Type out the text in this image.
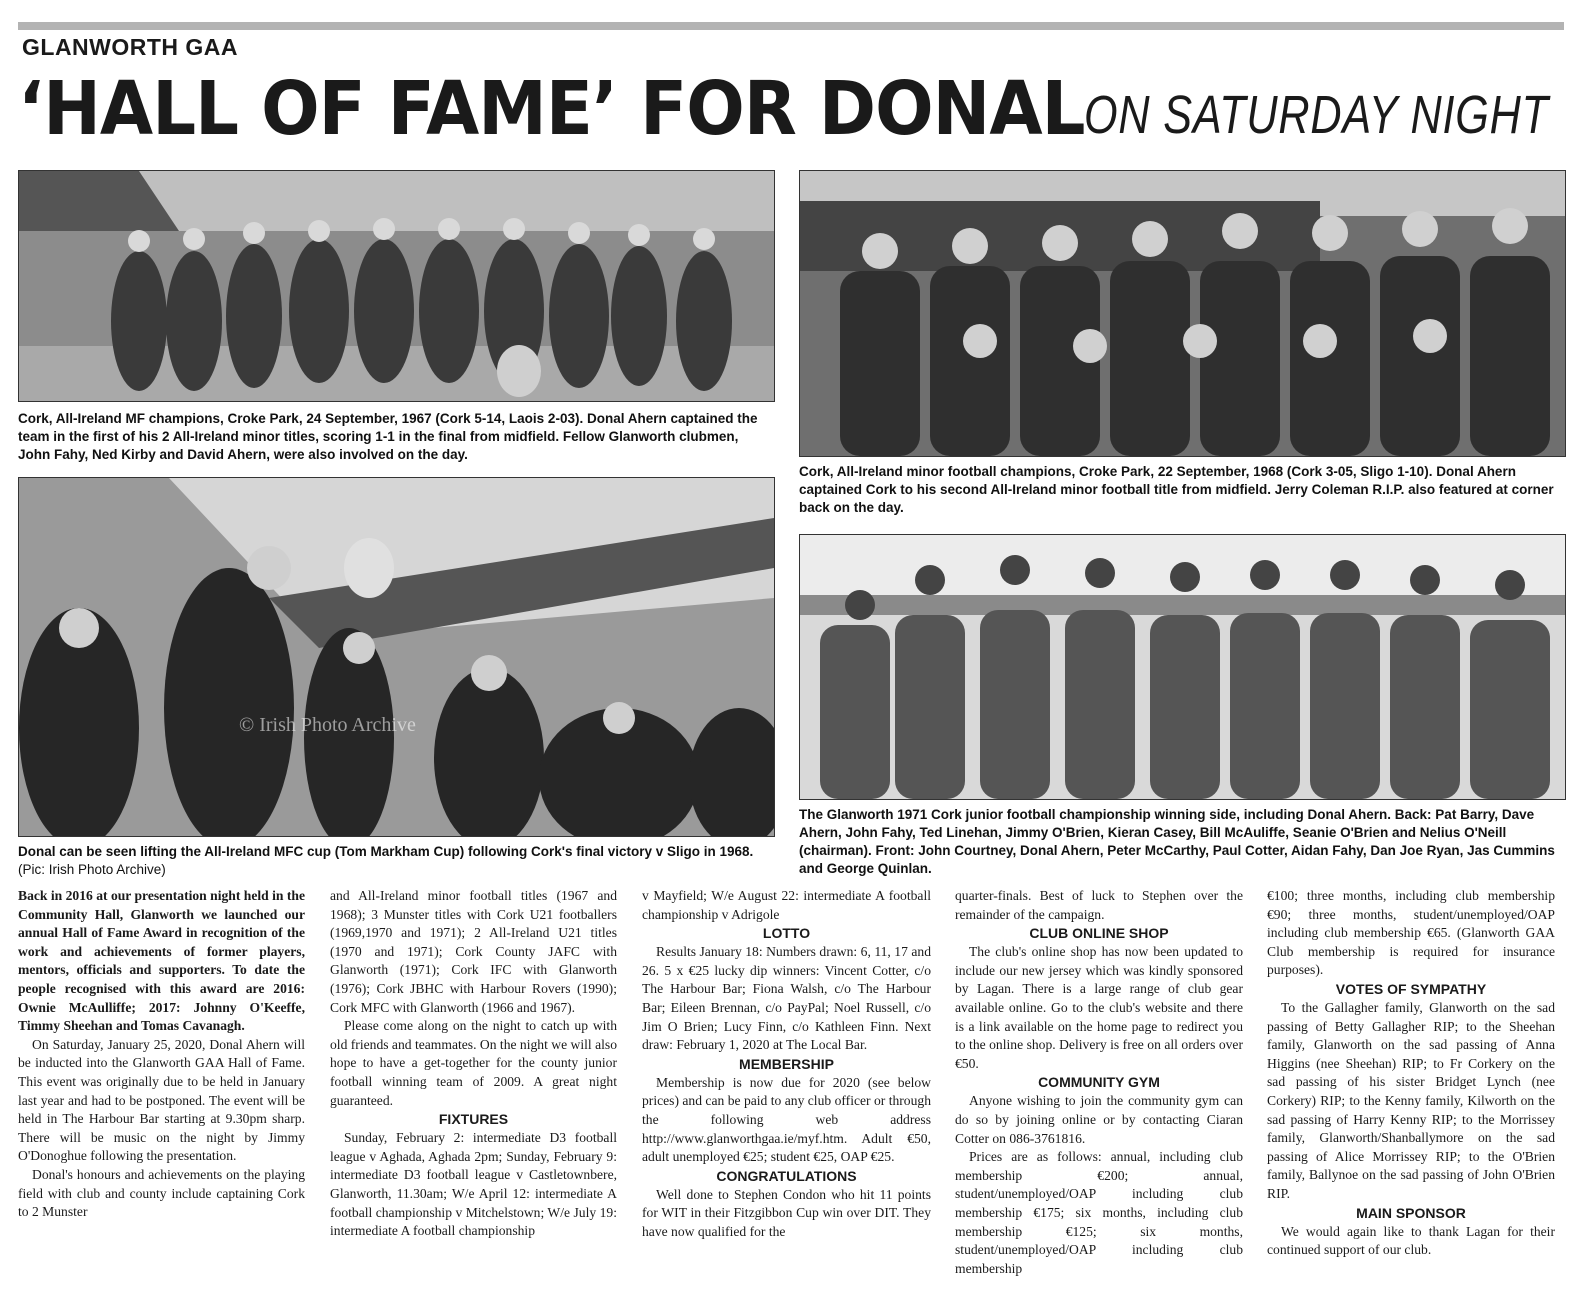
GLANWORTH GAA
‘HALL OF FAME’ FOR DONAL ON SATURDAY NIGHT
Cork, All-Ireland MF champions, Croke Park, 24 September, 1967 (Cork 5-14, Laois 2-03). Donal Ahern captained the team in the first of his 2 All-Ireland minor titles, scoring 1-1 in the final from midfield. Fellow Glanworth clubmen, John Fahy, Ned Kirby and David Ahern, were also involved on the day.
Cork, All-Ireland minor football champions, Croke Park, 22 September, 1968 (Cork 3-05, Sligo 1-10). Donal Ahern captained Cork to his second All-Ireland minor football title from midfield. Jerry Coleman R.I.P. also featured at corner back on the day.
© Irish Photo Archive
Donal can be seen lifting the All-Ireland MFC cup (Tom Markham Cup) following Cork's final victory v Sligo in 1968. (Pic: Irish Photo Archive)
The Glanworth 1971 Cork junior football championship winning side, including Donal Ahern. Back: Pat Barry, Dave Ahern, John Fahy, Ted Linehan, Jimmy O'Brien, Kieran Casey, Bill McAuliffe, Seanie O'Brien and Nelius O'Neill (chairman). Front: John Courtney, Donal Ahern, Peter McCarthy, Paul Cotter, Aidan Fahy, Dan Joe Ryan, Jas Cummins and George Quinlan.

Back in 2016 at our presentation night held in the Community Hall, Glanworth we launched our annual Hall of Fame Award in recognition of the work and achievements of former players, mentors, officials and supporters. To date the people recognised with this award are 2016: Ownie McAulliffe; 2017: Johnny O'Keeffe, Timmy Sheehan and Tomas Cavanagh.

On Saturday, January 25, 2020, Donal Ahern will be inducted into the Glanworth GAA Hall of Fame. This event was originally due to be held in January last year and had to be postponed. The event will be held in The Harbour Bar starting at 9.30pm sharp. There will be music on the night by Jimmy O'Donoghue following the presentation.

Donal's honours and achievements on the playing field with club and county include captaining Cork to 2 Munster

and All-Ireland minor football titles (1967 and 1968); 3 Munster titles with Cork U21 footballers (1969,1970 and 1971); 2 All-Ireland U21 titles (1970 and 1971); Cork County JAFC with Glanworth (1971); Cork IFC with Glanworth (1976); Cork JBHC with Harbour Rovers (1990); Cork MFC with Glanworth (1966 and 1967).

Please come along on the night to catch up with old friends and teammates. On the night we will also hope to have a get-together for the county junior football winning team of 2009. A great night guaranteed.

FIXTURES

Sunday, February 2: intermediate D3 football league v Aghada, Aghada 2pm; Sunday, February 9: intermediate D3 football league v Castletownbere, Glanworth, 11.30am; W/e April 12: intermediate A football championship v Mitchelstown; W/e July 19: intermediate A football championship

v Mayfield; W/e August 22: intermediate A football championship v Adrigole

LOTTO

Results January 18: Numbers drawn: 6, 11, 17 and 26. 5 x €25 lucky dip winners: Vincent Cotter, c/o The Harbour Bar; Fiona Walsh, c/o The Harbour Bar; Eileen Brennan, c/o PayPal; Noel Russell, c/o Jim O Brien; Lucy Finn, c/o Kathleen Finn. Next draw: February 1, 2020 at The Local Bar.

MEMBERSHIP

Membership is now due for 2020 (see below prices) and can be paid to any club officer or through the following web address http://www.glanworthgaa.ie/myf.htm. Adult €50, adult unemployed €25; student €25, OAP €25.

CONGRATULATIONS

Well done to Stephen Condon who hit 11 points for WIT in their Fitzgibbon Cup win over DIT. They have now qualified for the

quarter-finals. Best of luck to Stephen over the remainder of the campaign.

CLUB ONLINE SHOP

The club's online shop has now been updated to include our new jersey which was kindly sponsored by Lagan. There is a large range of club gear available online. Go to the club's website and there is a link available on the home page to redirect you to the online shop. Delivery is free on all orders over €50.

COMMUNITY GYM

Anyone wishing to join the community gym can do so by joining online or by contacting Ciaran Cotter on 086-3761816.

Prices are as follows: annual, including club membership €200; annual, student/unemployed/OAP including club membership €175; six months, including club membership €125; six months, student/unemployed/OAP including club membership

€100; three months, including club membership €90; three months, student/unemployed/OAP including club membership €65. (Glanworth GAA Club membership is required for insurance purposes).

VOTES OF SYMPATHY

To the Gallagher family, Glanworth on the sad passing of Betty Gallagher RIP; to the Sheehan family, Glanworth on the sad passing of Anna Higgins (nee Sheehan) RIP; to Fr Corkery on the sad passing of his sister Bridget Lynch (nee Corkery) RIP; to the Kenny family, Kilworth on the sad passing of Harry Kenny RIP; to the Morrissey family, Glanworth/Shanballymore on the sad passing of Alice Morrissey RIP; to the O'Brien family, Ballynoe on the sad passing of John O'Brien RIP.

MAIN SPONSOR

We would again like to thank Lagan for their continued support of our club.
